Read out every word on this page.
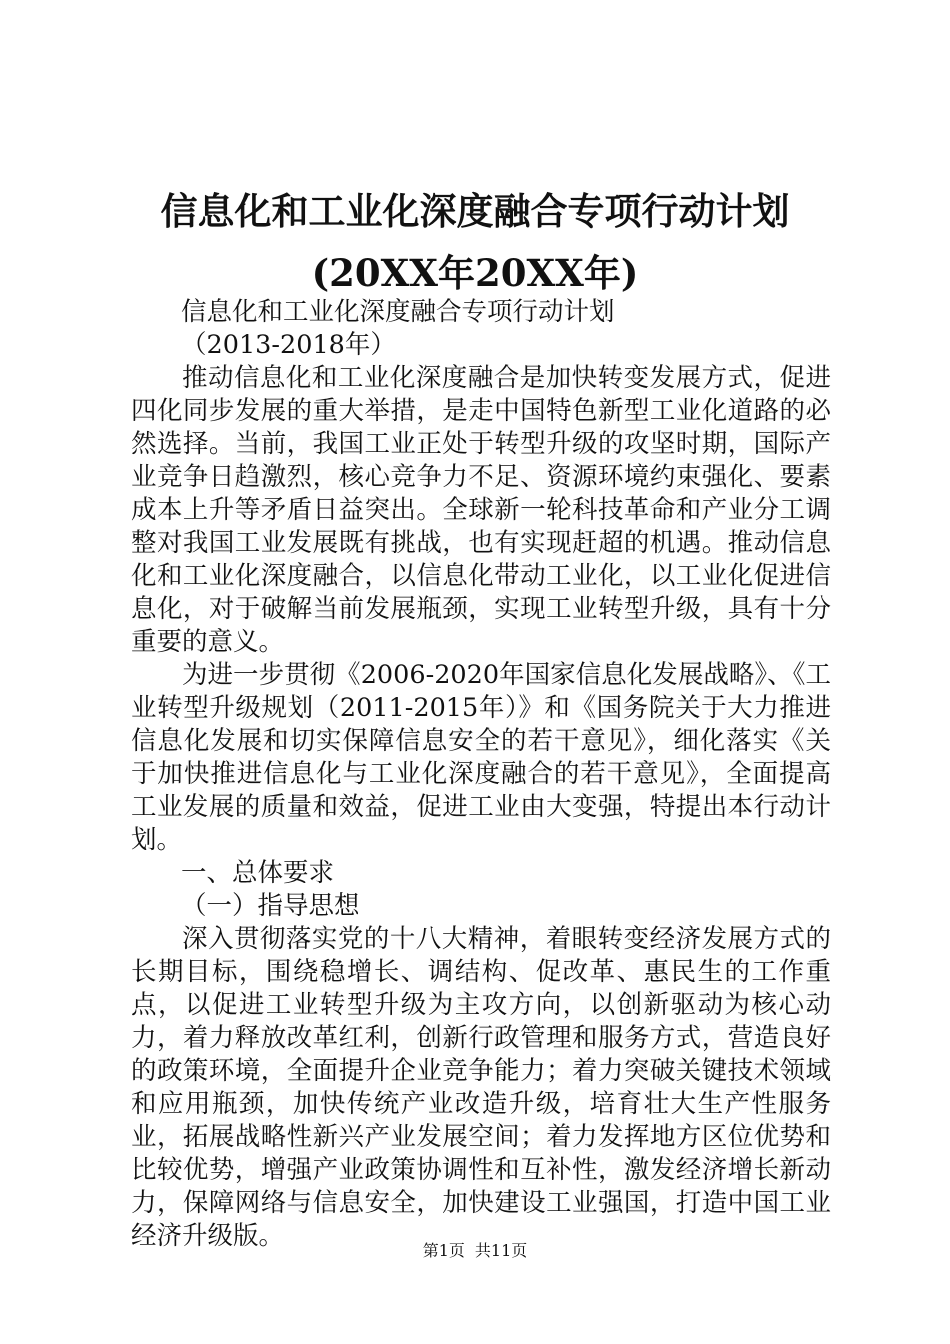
信息化和工业化深度融合专项行动计划(20XX年20XX年)

信息化和工业化深度融合专项行动计划

（2013-2018年）

推动信息化和工业化深度融合是加快转变发展方式，促进四化同步发展的重大举措，是走中国特色新型工业化道路的必然选择。当前，我国工业正处于转型升级的攻坚时期，国际产业竞争日趋激烈，核心竞争力不足、资源环境约束强化、要素成本上升等矛盾日益突出。全球新一轮科技革命和产业分工调整对我国工业发展既有挑战，也有实现赶超的机遇。推动信息化和工业化深度融合，以信息化带动工业化，以工业化促进信息化，对于破解当前发展瓶颈，实现工业转型升级，具有十分重要的意义。

为进一步贯彻《2006-2020年国家信息化发展战略》、《工业转型升级规划（2011-2015年）》和《国务院关于大力推进信息化发展和切实保障信息安全的若干意见》，细化落实《关于加快推进信息化与工业化深度融合的若干意见》，全面提高工业发展的质量和效益，促进工业由大变强，特提出本行动计划。

一、总体要求

（一）指导思想

深入贯彻落实党的十八大精神，着眼转变经济发展方式的长期目标，围绕稳增长、调结构、促改革、惠民生的工作重点，以促进工业转型升级为主攻方向，以创新驱动为核心动力，着力释放改革红利，创新行政管理和服务方式，营造良好的政策环境，全面提升企业竞争能力；着力突破关键技术领域和应用瓶颈，加快传统产业改造升级，培育壮大生产性服务业，拓展战略性新兴产业发展空间；着力发挥地方区位优势和比较优势，增强产业政策协调性和互补性，激发经济增长新动力，保障网络与信息安全，加快建设工业强国，打造中国工业经济升级版。	第1页 共11页
